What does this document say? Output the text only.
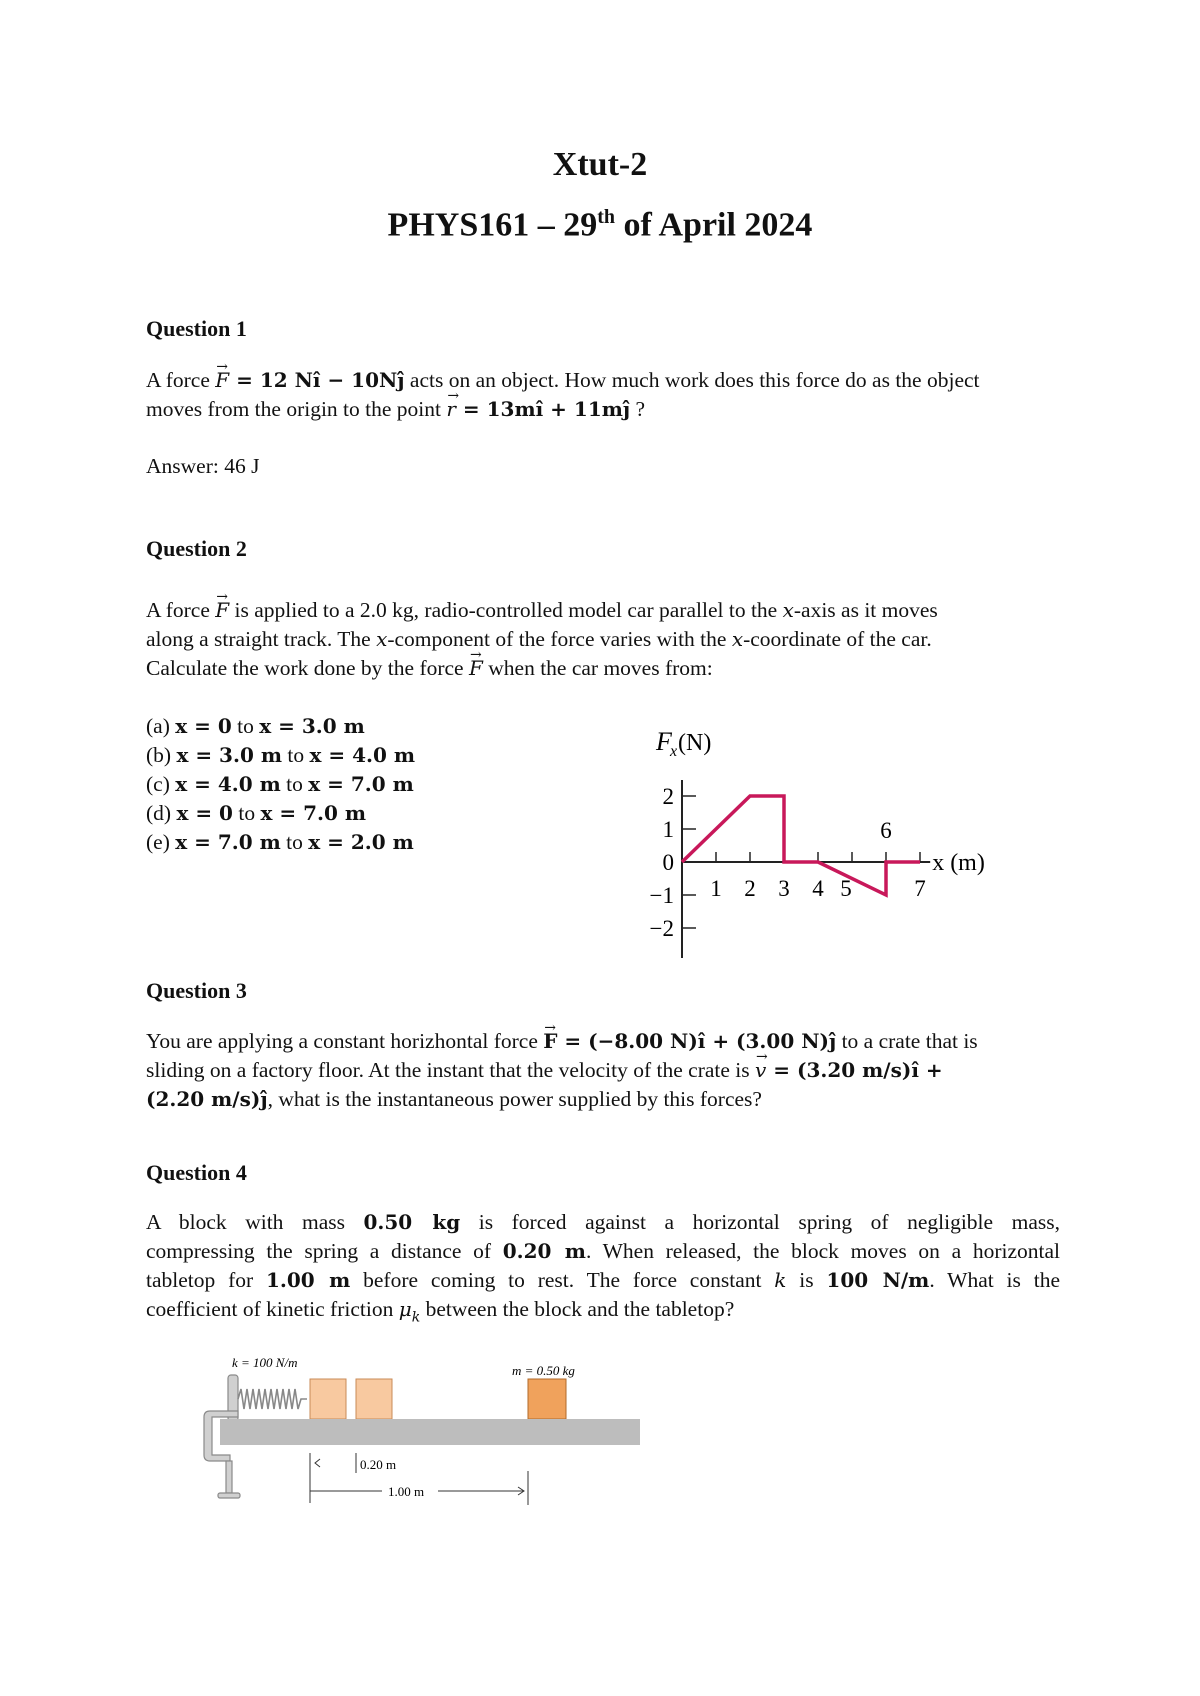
Xtut-2
PHYS161 – 29th of April 2024
Question 1
A force → F = 12 Nî − 10Nĵ acts on an object. How much work does this force do as the object
moves from the origin to the point → r = 13mî + 11mĵ ?
Answer: 46 J
Question 2
A force → F is applied to a 2.0 kg, radio-controlled model car parallel to the x-axis as it moves
along a straight track. The x-component of the force varies with the x-coordinate of the car.
Calculate the work done by the force → F when the car moves from:
(a) x = 0 to x = 3.0 m
(b) x = 3.0 m to x = 4.0 m
(c) x = 4.0 m to x = 7.0 m
(d) x = 0 to x = 7.0 m
(e) x = 7.0 m to x = 2.0 m
F
x (N)
2
1
0
−1
−2
1 2 3 4 5
6
7
x (m)
Question 3
You are applying a constant horizhontal force → F = (−8.00 N)î + (3.00 N)ĵ to a crate that is
sliding on a factory floor. At the instant that the velocity of the crate is → v = (3.20 m/s)î +
(2.20 m/s)ĵ, what is the instantaneous power supplied by this forces?
Question 4
A block with mass 0.50 kg is forced against a horizontal spring of negligible mass,
compressing the spring a distance of 0.20 m. When released, the block moves on a horizontal
tabletop for 1.00 m before coming to rest. The force constant k is 100 N/m. What is the
coefficient of kinetic friction $\mu_k$ between the block and the tabletop?
k = 100 N/m
m = 0.50 kg
0.20 m
1.00 m
